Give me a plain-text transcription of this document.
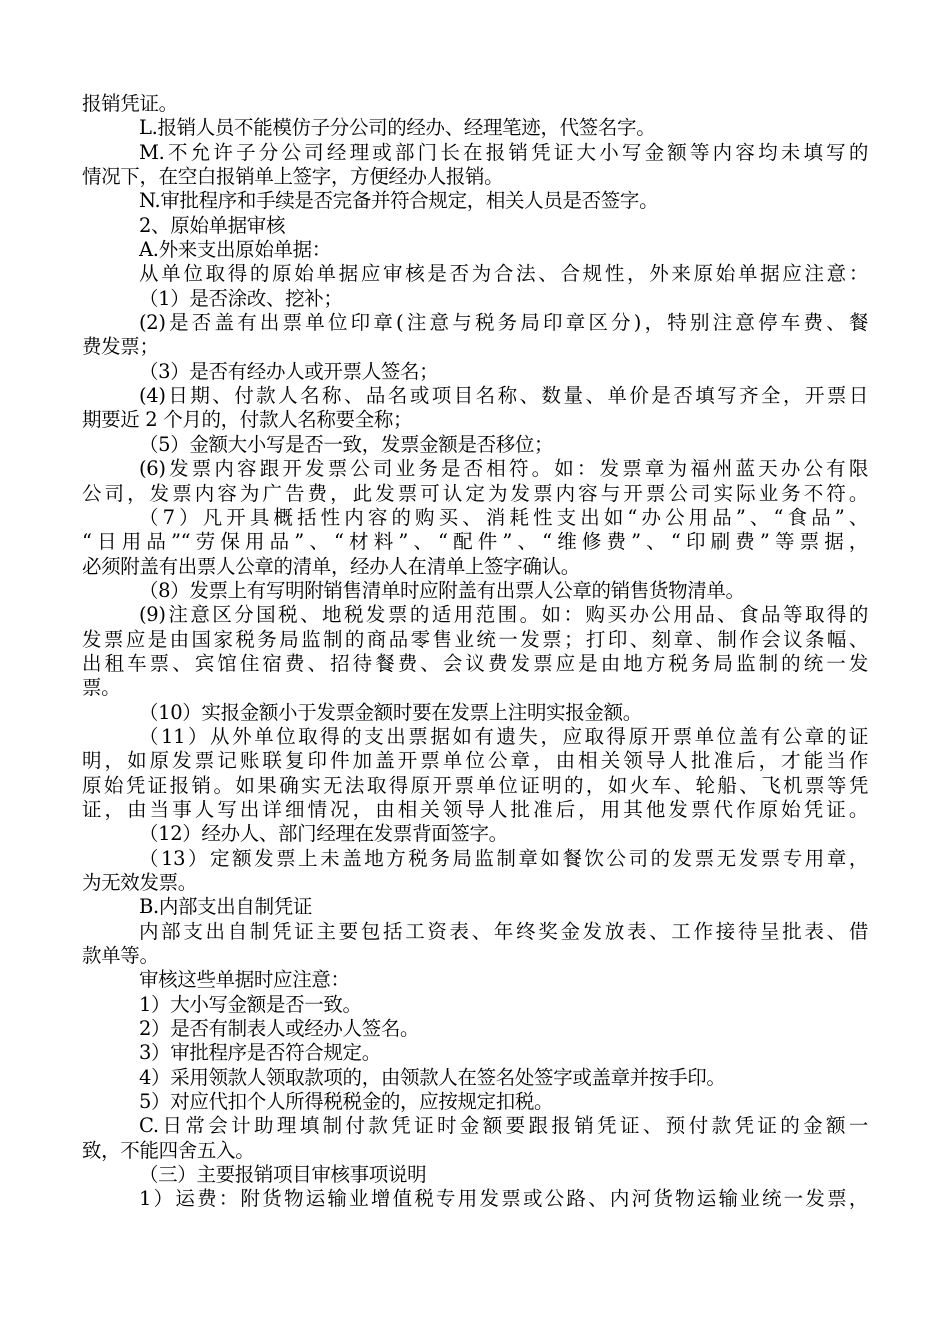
报销凭证。
L.报销人员不能模仿子分公司的经办、经理笔迹，代签名字。
M.不允许子分公司经理或部门长在报销凭证大小写金额等内容均未填写的
情况下，在空白报销单上签字，方便经办人报销。
N.审批程序和手续是否完备并符合规定，相关人员是否签字。
2、原始单据审核
A.外来支出原始单据：
从单位取得的原始单据应审核是否为合法、合规性，外来原始单据应注意：
（1）是否涂改、挖补；
(2)是否盖有出票单位印章(注意与税务局印章区分)，特别注意停车费、餐
费发票；
（3）是否有经办人或开票人签名；
(4)日期、付款人名称、品名或项目名称、数量、单价是否填写齐全，开票日
期要近 2 个月的，付款人名称要全称；
（5）金额大小写是否一致，发票金额是否移位；
(6)发票内容跟开发票公司业务是否相符。如：发票章为福州蓝天办公有限
公司，发票内容为广告费，此发票可认定为发票内容与开票公司实际业务不符。
（7）凡开具概括性内容的购买、消耗性支出如“办公用品”、“食品”、
“日用品”“劳保用品”、“材料”、“配件”、“维修费”、“印刷费”等票据，
必须附盖有出票人公章的清单，经办人在清单上签字确认。
（8）发票上有写明附销售清单时应附盖有出票人公章的销售货物清单。
(9)注意区分国税、地税发票的适用范围。如：购买办公用品、食品等取得的
发票应是由国家税务局监制的商品零售业统一发票；打印、刻章、制作会议条幅、
出租车票、宾馆住宿费、招待餐费、会议费发票应是由地方税务局监制的统一发
票。
（10）实报金额小于发票金额时要在发票上注明实报金额。
（11）从外单位取得的支出票据如有遗失，应取得原开票单位盖有公章的证
明，如原发票记账联复印件加盖开票单位公章，由相关领导人批准后，才能当作
原始凭证报销。如果确实无法取得原开票单位证明的，如火车、轮船、飞机票等凭
证，由当事人写出详细情况，由相关领导人批准后，用其他发票代作原始凭证。
（12）经办人、部门经理在发票背面签字。
（13）定额发票上未盖地方税务局监制章如餐饮公司的发票无发票专用章，
为无效发票。
B.内部支出自制凭证
内部支出自制凭证主要包括工资表、年终奖金发放表、工作接待呈批表、借
款单等。
审核这些单据时应注意：
1）大小写金额是否一致。
2）是否有制表人或经办人签名。
3）审批程序是否符合规定。
4）采用领款人领取款项的，由领款人在签名处签字或盖章并按手印。
5）对应代扣个人所得税税金的，应按规定扣税。
C.日常会计助理填制付款凭证时金额要跟报销凭证、预付款凭证的金额一
致，不能四舍五入。
（三）主要报销项目审核事项说明
1）运费：附货物运输业增值税专用发票或公路、内河货物运输业统一发票，
